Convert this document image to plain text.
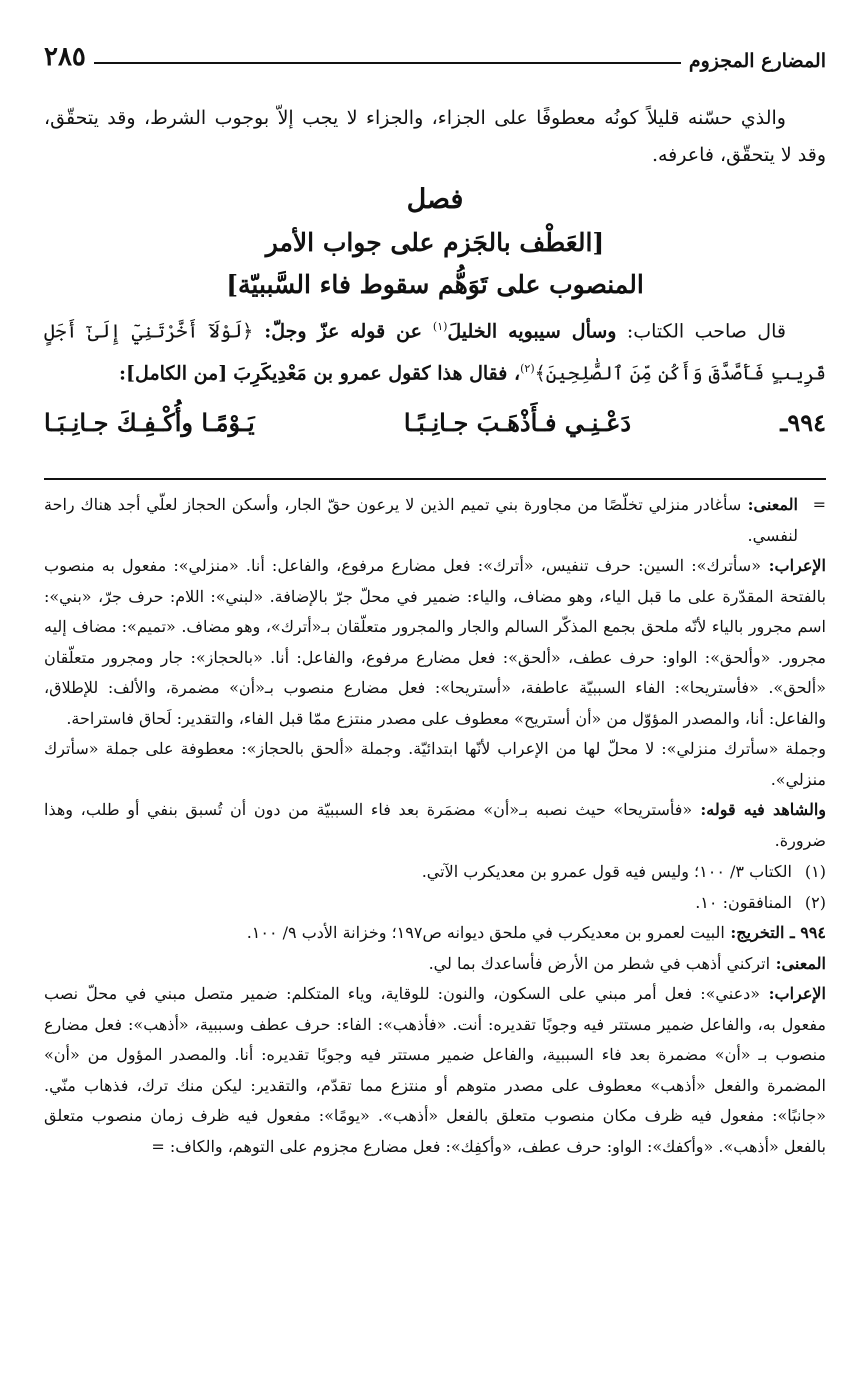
المضارع المجزوم
٢٨٥

والذي حسّنه قليلاً كونُه معطوفًا على الجزاء، والجزاء لا يجب إلاّ بوجوب الشرط، وقد يتحقّق، وقد لا يتحقّق، فاعرفه.

فصل
[العَطْف بالجَزم على جواب الأمر
المنصوب على تَوَهُّم سقوط فاء السَّببيّة]

قال صاحب الكتاب: وسأل سيبويه الخليلَ$^{(١)}$ عن قوله عزّ وجلّ: ﴿لَوْلَآ أَخَّرْتَنِيٓ إِلَىٰٓ أَجَلٍ قَرِيبٍ فَأَصَّدَّقَ وَأَكُن مِّنَ ٱلصَّٰلِحِينَ﴾$^{(٢)}$، فقال هذا كقول عمرو بن مَعْدِيكَرِبَ [من الكامل]:

٩٩٤ـ
دَعْـنِـي فـأَذْهَـبَ جـانِـبًـا
يَـوْمًـا وأُكْـفِـكَ جـانِـبَـا

=
المعنى: سأغادر منزلي تخلّصًا من مجاورة بني تميم الذين لا يرعون حقّ الجار، وأسكن الحجاز لعلّي أجد هناك راحة لنفسي.

الإعراب: «سأترك»: السين: حرف تنفيس، «أترك»: فعل مضارع مرفوع، والفاعل: أنا. «منزلي»: مفعول به منصوب بالفتحة المقدّرة على ما قبل الياء، وهو مضاف، والياء: ضمير في محلّ جرّ بالإضافة. «لبني»: اللام: حرف جرّ، «بني»: اسم مجرور بالياء لأنّه ملحق بجمع المذكّر السالم والجار والمجرور متعلّقان بـ«أترك»، وهو مضاف. «تميم»: مضاف إليه مجرور. «وألحق»: الواو: حرف عطف، «ألحق»: فعل مضارع مرفوع، والفاعل: أنا. «بالحجاز»: جار ومجرور متعلّقان «ألحق». «فأستريحا»: الفاء السببيّة عاطفة، «أستريحا»: فعل مضارع منصوب بـ«أن» مضمرة، والألف: للإطلاق، والفاعل: أنا، والمصدر المؤوّل من «أن أستريح» معطوف على مصدر منتزع ممّا قبل الفاء، والتقدير: لَحاق فاستراحة.

وجملة «سأترك منزلي»: لا محلّ لها من الإعراب لأنّها ابتدائيّة. وجملة «ألحق بالحجاز»: معطوفة على جملة «سأترك منزلي».

والشاهد فيه قوله: «فأستريحا» حيث نصبه بـ«أن» مضمَرة بعد فاء السببيّة من دون أن تُسبق بنفي أو طلب، وهذا ضرورة.

(١)الكتاب ٣/ ١٠٠؛ وليس فيه قول عمرو بن معديكرب الآتي.

(٢)المنافقون: ١٠.

٩٩٤ ـ التخريج: البيت لعمرو بن معديكرب في ملحق ديوانه ص١٩٧؛ وخزانة الأدب ٩/ ١٠٠.

المعنى: اتركني أذهب في شطر من الأرض فأساعدك بما لي.

الإعراب: «دعني»: فعل أمر مبني على السكون، والنون: للوقاية، وياء المتكلم: ضمير متصل مبني في محلّ نصب مفعول به، والفاعل ضمير مستتر فيه وجوبًا تقديره: أنت. «فأذهب»: الفاء: حرف عطف وسببية، «أذهب»: فعل مضارع منصوب بـ «أن» مضمرة بعد فاء السببية، والفاعل ضمير مستتر فيه وجوبًا تقديره: أنا. والمصدر المؤول من «أن» المضمرة والفعل «أذهب» معطوف على مصدر متوهم أو منتزع مما تقدّم، والتقدير: ليكن منك ترك، فذهاب منّي. «جانبًا»: مفعول فيه ظرف مكان منصوب متعلق بالفعل «أذهب». «يومًا»: مفعول فيه ظرف زمان منصوب متعلق بالفعل «أذهب». «وأكفك»: الواو: حرف عطف، «وأكفِك»: فعل مضارع مجزوم على التوهم، والكاف: =
